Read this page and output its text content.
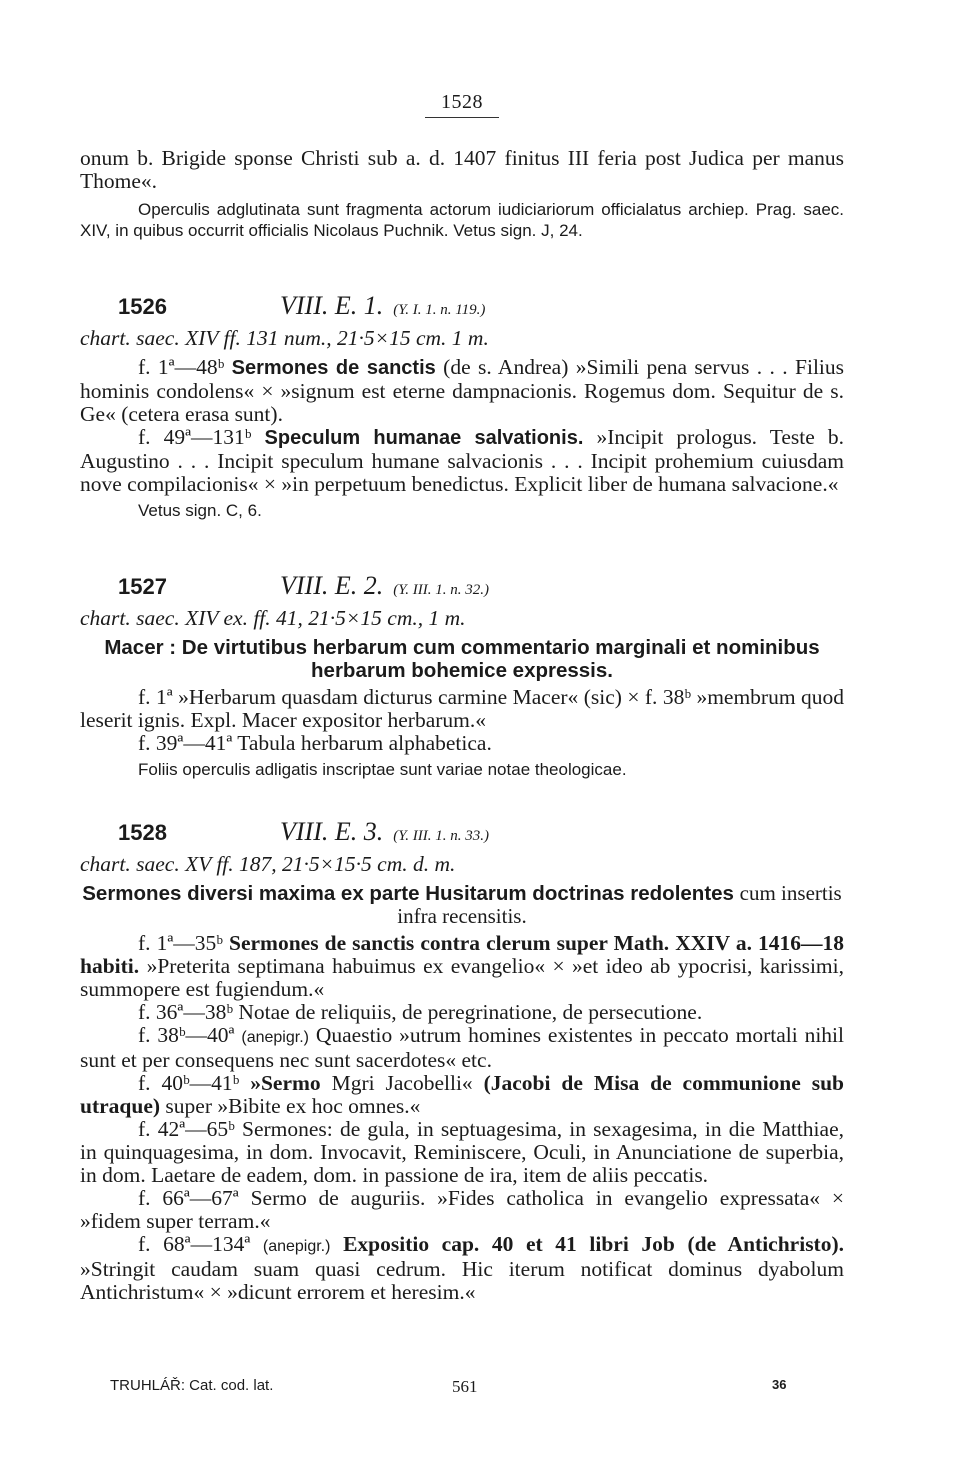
1528

onum b. Brigide sponse Christi sub a. d. 1407 finitus III feria post Judica per manus Thome«.

Operculis adglutinata sunt fragmenta actorum iudiciariorum officialatus archiep. Prag. saec. XIV, in quibus occurrit officialis Nicolaus Puchnik. Vetus sign. J, 24.

1526	VIII. E. 1. (Y. I. 1. n. 119.)

chart. saec. XIV ff. 131 num., 21·5×15 cm. 1 m.

f. 1ª—48ᵇ Sermones de sanctis (de s. Andrea) »Simili pena servus . . . Filius hominis condolens« × »signum est eterne dampnacionis. Rogemus dom. Sequitur de s. Ge« (cetera erasa sunt).

f. 49ª—131ᵇ Speculum humanae salvationis. »Incipit prologus. Teste b. Augustino . . . Incipit speculum humane salvacionis . . . Incipit prohemium cuiusdam nove compilacionis« × »in perpetuum benedictus. Explicit liber de humana salvacione.«

Vetus sign. C, 6.

1527	VIII. E. 2. (Y. III. 1. n. 32.)

chart. saec. XIV ex. ff. 41, 21·5×15 cm., 1 m.

Macer : De virtutibus herbarum cum commentario marginali et nominibus herbarum bohemice expressis.

f. 1ª »Herbarum quasdam dicturus carmine Macer« (sic) × f. 38ᵇ »membrum quod leserit ignis. Expl. Macer expositor herbarum.«

f. 39ª—41ª Tabula herbarum alphabetica.

Foliis operculis adligatis inscriptae sunt variae notae theologicae.

1528	VIII. E. 3. (Y. III. 1. n. 33.)

chart. saec. XV ff. 187, 21·5×15·5 cm. d. m.

Sermones diversi maxima ex parte Husitarum doctrinas redolentes cum insertis infra recensitis.

f. 1ª—35ᵇ Sermones de sanctis contra clerum super Math. XXIV a. 1416—18 habiti. »Preterita septimana habuimus ex evangelio« × »et ideo ab ypocrisi, karissimi, summopere est fugiendum.«

f. 36ª—38ᵇ Notae de reliquiis, de peregrinatione, de persecutione.

f. 38ᵇ—40ª (anepigr.) Quaestio »utrum homines existentes in peccato mortali nihil sunt et per consequens nec sunt sacerdotes« etc.

f. 40ᵇ—41ᵇ »Sermo Mgri Jacobelli« (Jacobi de Misa de communione sub utraque) super »Bibite ex hoc omnes.«

f. 42ª—65ᵇ Sermones: de gula, in septuagesima, in sexagesima, in die Matthiae, in quinquagesima, in dom. Invocavit, Reminiscere, Oculi, in Anunciatione de superbia, in dom. Laetare de eadem, dom. in passione de ira, item de aliis peccatis.

f. 66ª—67ª Sermo de auguriis. »Fides catholica in evangelio expressata« × »fidem super terram.«

f. 68ª—134ª (anepigr.) Expositio cap. 40 et 41 libri Job (de Antichristo). »Stringit caudam suam quasi cedrum. Hic iterum notificat dominus dyabolum Antichristum« × »dicunt errorem et heresim.«

TRUHLÁŘ: Cat. cod. lat.	561	36
